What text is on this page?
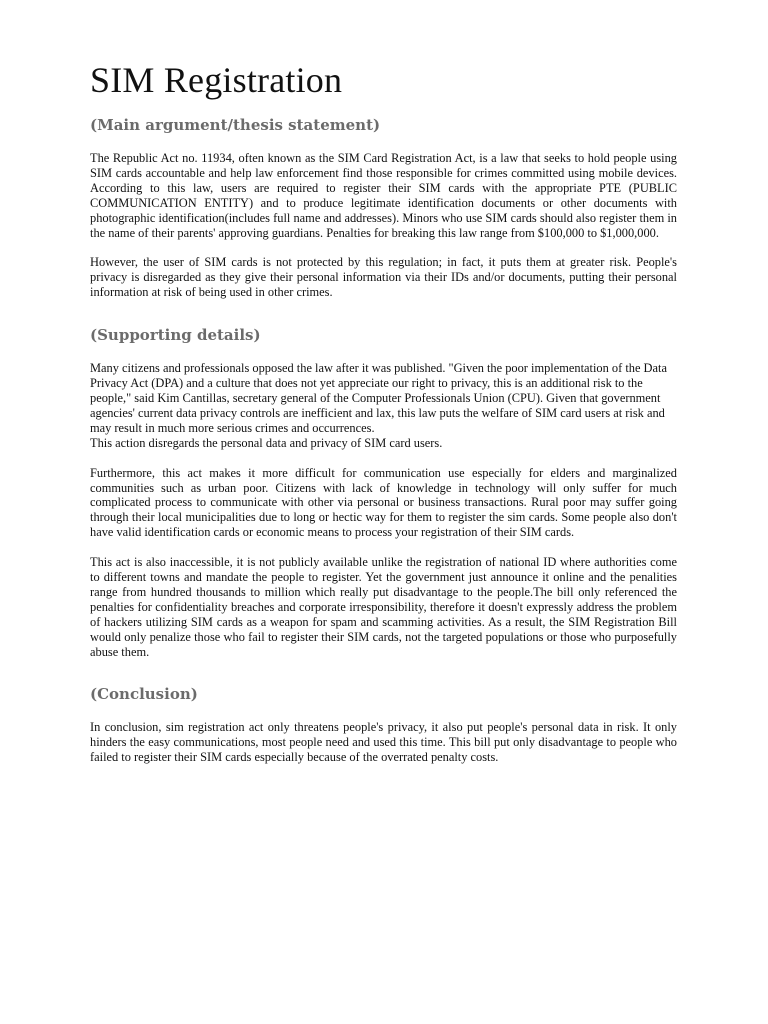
SIM Registration
(Main argument/thesis statement)

The Republic Act no. 11934, often known as the SIM Card Registration Act, is a law that seeks to hold people using SIM cards accountable and help law enforcement find those responsible for crimes committed using mobile devices. According to this law, users are required to register their SIM cards with the appropriate PTE (PUBLIC COMMUNICATION ENTITY) and to produce legitimate identification documents or other documents with photographic identification(includes full name and addresses). Minors who use SIM cards should also register them in the name of their parents' approving guardians. Penalties for breaking this law range from $100,000 to $1,000,000.

However, the user of SIM cards is not protected by this regulation; in fact, it puts them at greater risk. People's privacy is disregarded as they give their personal information via their IDs and/or documents, putting their personal information at risk of being used in other crimes.

(Supporting details)

Many citizens and professionals opposed the law after it was published. "Given the poor implementation of the Data Privacy Act (DPA) and a culture that does not yet appreciate our right to privacy, this is an additional risk to the people," said Kim Cantillas, secretary general of the Computer Professionals Union (CPU). Given that government agencies' current data privacy controls are inefficient and lax, this law puts the welfare of SIM card users at risk and may result in much more serious crimes and occurrences.

This action disregards the personal data and privacy of SIM card users.

Furthermore, this act makes it more difficult for communication use especially for elders and marginalized communities such as urban poor. Citizens with lack of knowledge in technology will only suffer for much complicated process to communicate with other via personal or business transactions. Rural poor may suffer going through their local municipalities due to long or hectic way for them to register the sim cards. Some people also don't have valid identification cards or economic means to process your registration of their SIM cards.

This act is also inaccessible, it is not publicly available unlike the registration of national ID where authorities come to different towns and mandate the people to register. Yet the government just announce it online and the penalities range from hundred thousands to million which really put disadvantage to the people.The bill only referenced the penalties for confidentiality breaches and corporate irresponsibility, therefore it doesn't expressly address the problem of hackers utilizing SIM cards as a weapon for spam and scamming activities. As a result, the SIM Registration Bill would only penalize those who fail to register their SIM cards, not the targeted populations or those who purposefully abuse them.

(Conclusion)

In conclusion, sim registration act only threatens people's privacy, it also put people's personal data in risk. It only hinders the easy communications, most people need and used this time. This bill put only disadvantage to people who failed to register their SIM cards especially because of the overrated penalty costs.
